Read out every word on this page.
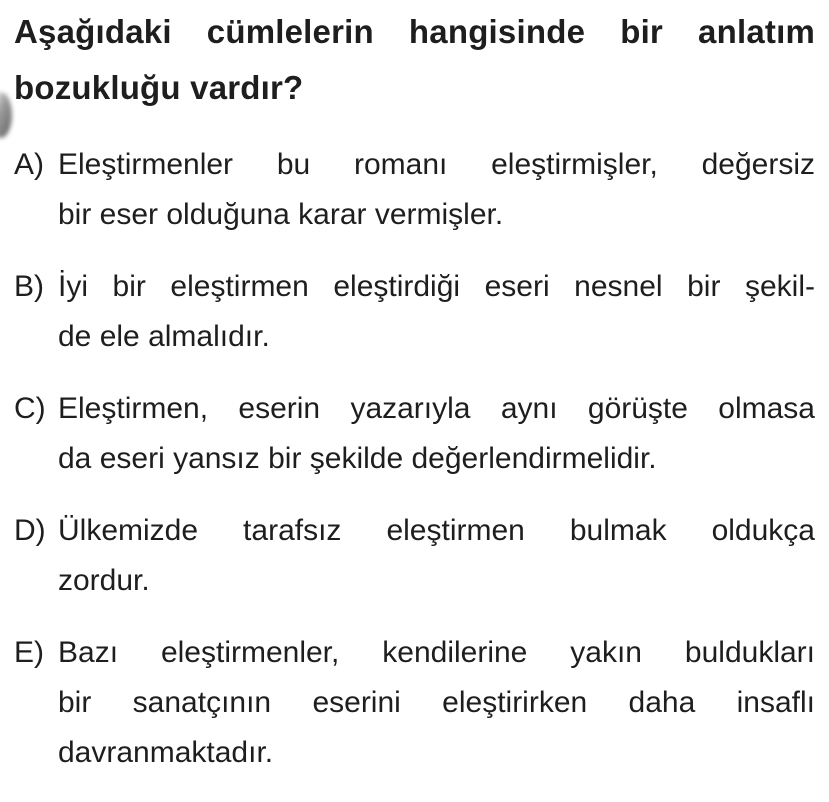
Aşağıdaki cümlelerin hangisinde bir anlatım
bozukluğu vardır?
A) Eleştirmenler bu romanı eleştirmişler, değersiz
bir eser olduğuna karar vermişler.
B) İyi bir eleştirmen eleştirdiği eseri nesnel bir şekil-
de ele almalıdır.
C) Eleştirmen, eserin yazarıyla aynı görüşte olmasa
da eseri yansız bir şekilde değerlendirmelidir.
D) Ülkemizde tarafsız eleştirmen bulmak oldukça
zordur.
E) Bazı eleştirmenler, kendilerine yakın buldukları
bir sanatçının eserini eleştirirken daha insaflı
davranmaktadır.
